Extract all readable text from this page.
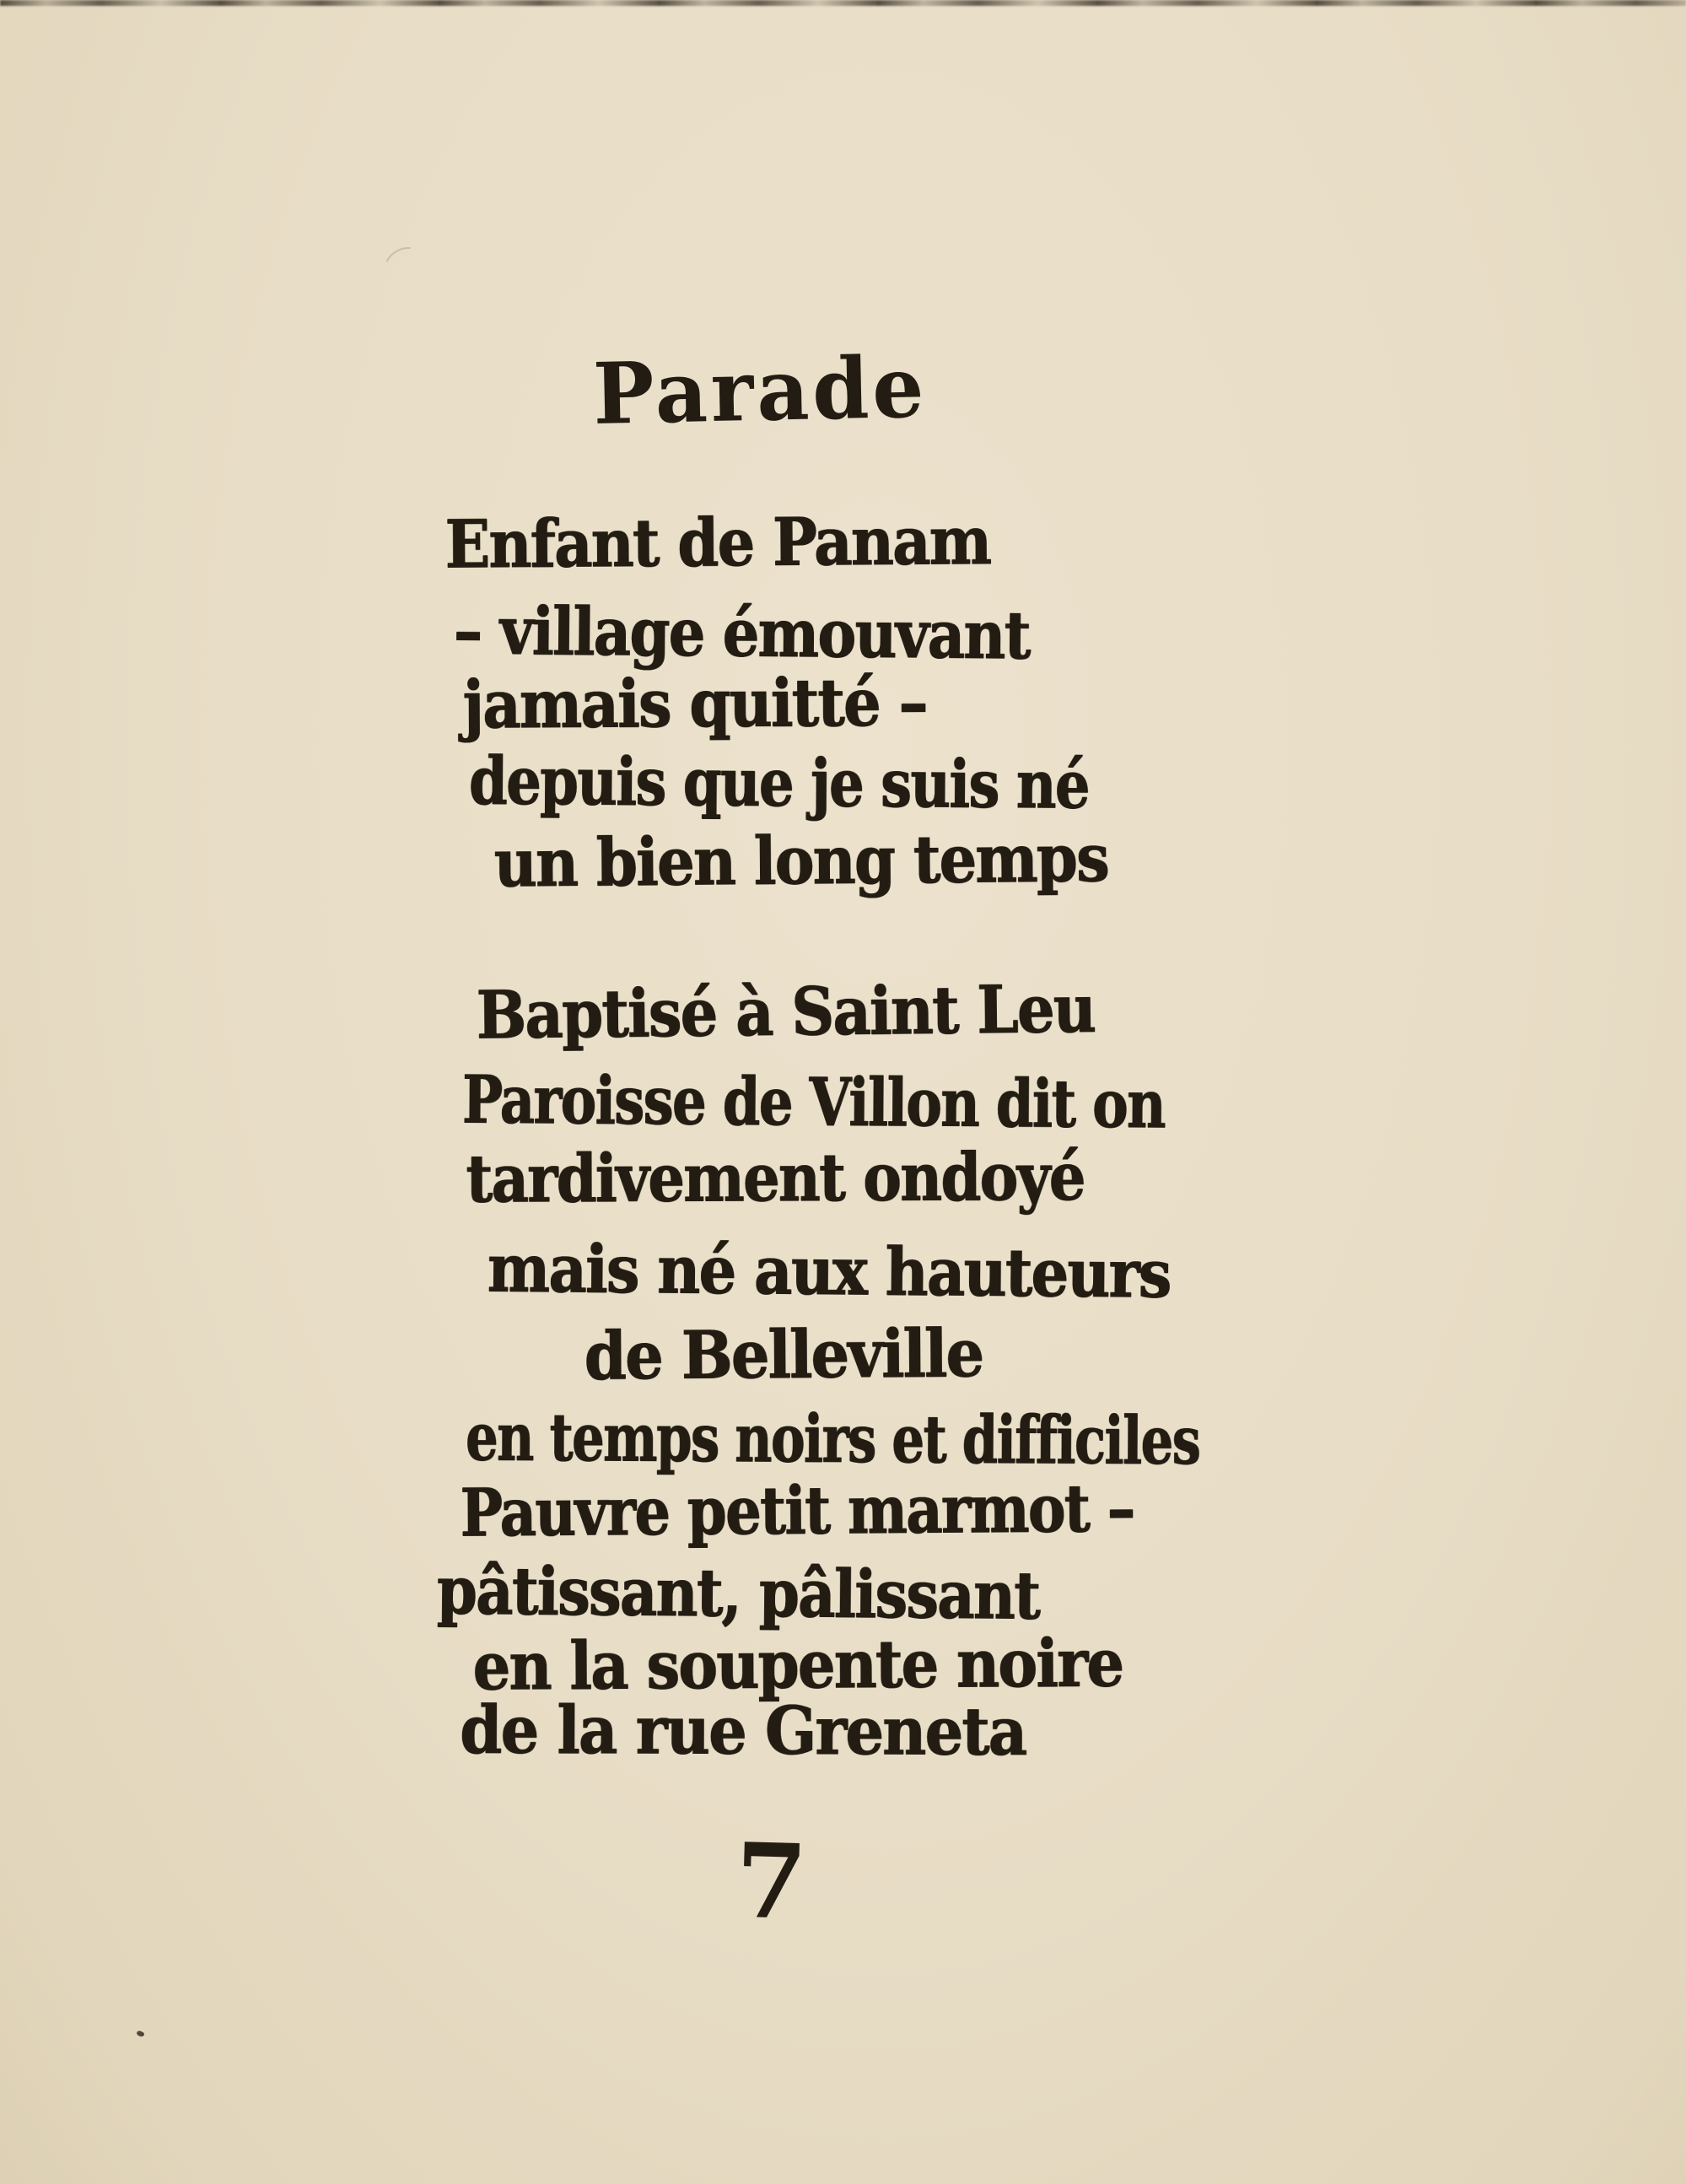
Parade
Enfant de Panam
– village émouvant
jamais quitté –
depuis que je suis né
un bien long temps
Baptisé à Saint Leu
Paroisse de Villon dit on
tardivement ondoyé
mais né aux hauteurs
de Belleville
en temps noirs et difficiles
Pauvre petit marmot –
pâtissant, pâlissant
en la soupente noire
de la rue Greneta
7
